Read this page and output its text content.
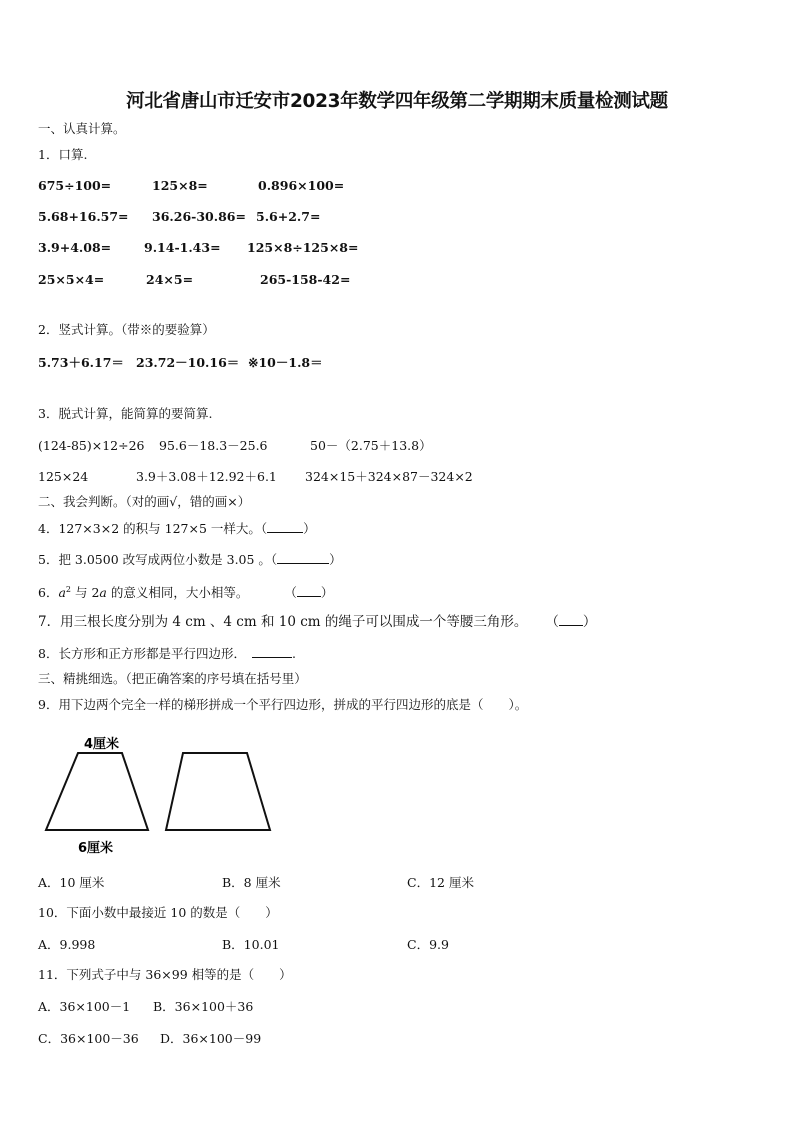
河北省唐山市迁安市2023年数学四年级第二学期期末质量检测试题
一、认真计算。
1．口算.
675÷100=	125×8=	0.896×100=
5.68+16.57= 36.26-30.86= 5.6+2.7=
3.9+4.08=	9.14-1.43= 125×8÷125×8=
25×5×4=	24×5=	265-158-42=
2．竖式计算。（带※的要验算）
5.73＋6.17＝ 23.72－10.16＝ ※10－1.8＝
3．脱式计算，能简算的要简算.
(124-85)×12÷26 95.6－18.3－25.6	50－（2.75＋13.8）
125×24	3.9＋3.08＋12.92＋6.1 324×15＋324×87－324×2
二、我会判断。（对的画√，错的画×）
4．127×3×2 的积与 127×5 一样大。（	）
5．把 3.0500 改写成两位小数是 3.05 。（	）
6．$a^2$ 与 2a 的意义相同，大小相等。	（ ）
7．用三根长度分别为 4 cm 、4 cm 和 10 cm 的绳子可以围成一个等腰三角形。 （ ）
8．长方形和正方形都是平行四边形．	.
三、精挑细选。（把正确答案的序号填在括号里）
9．用下边两个完全一样的梯形拼成一个平行四边形，拼成的平行四边形的底是（　　）。
4厘米
6厘米
A．10 厘米	B．8 厘米	C．12 厘米
10．下面小数中最接近 10 的数是（　　）
A．9.998	B．10.01	C．9.9
11．下列式子中与 36×99 相等的是（　　）
A．36×100－1 B．36×100＋36
C．36×100－36 D．36×100－99
